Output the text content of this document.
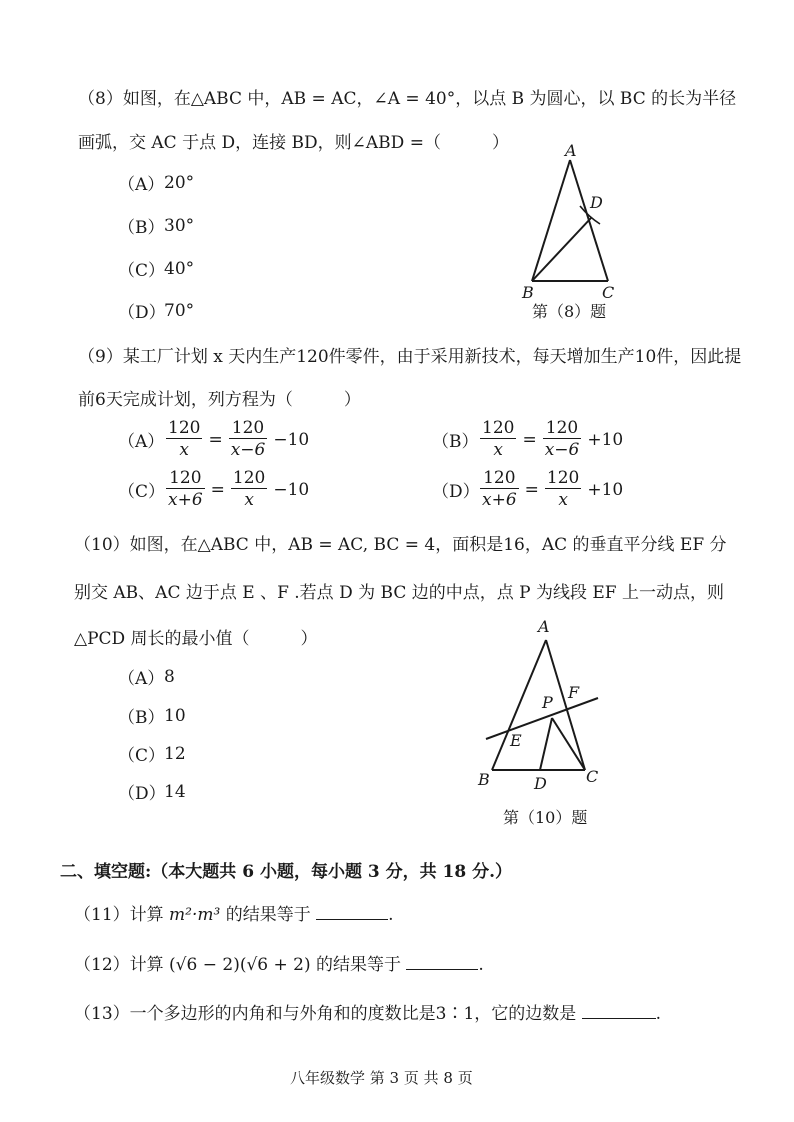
（8）如图，在△ABC 中，AB = AC，∠A = 40°，以点 B 为圆心，以 BC 的长为半径
画弧，交 AC 于点 D，连接 BD，则∠ABD =（　　　）
（A） 20°
（B） 30°
（C）
40°
（D）
70°
A
D
B	C
第（8）题
（9）某工厂计划 x 天内生产120件零件，由于采用新技术，每天增加生产10件，因此提
前6天完成计划，列方程为（　　　）
$(A) \frac{120}{x} = \frac{120}{x-6} -10$	$(B) \frac{120}{x} = \frac{120}{x-6} +10$
$(C) \frac{120}{x+6} = \frac{120}{x} -10$	$(D) \frac{120}{x+6} = \frac{120}{x} +10$
（10）如图，在△ABC 中，AB = AC, BC = 4，面积是16，AC 的垂直平分线 EF 分
别交 AB、AC 边于点 E 、F .若点 D 为 BC 边的中点，点 P 为线段 EF 上一动点，则
△PCD 周长的最小值（　　　）
（A） 8
（B） 10
（C）
12
（D）
14
A
P
F
E
B	D C
第（10）题
二、填空题:（本大题共 6 小题，每小题 3 分，共 18 分.）
（11）计算 m²·m³ 的结果等于	.
（12）计算 (√6 − 2)(√6 + 2) 的结果等于	.
（13）一个多边形的内角和与外角和的度数比是3∶1，它的边数是	.
八年级数学 第 3 页 共 8 页
